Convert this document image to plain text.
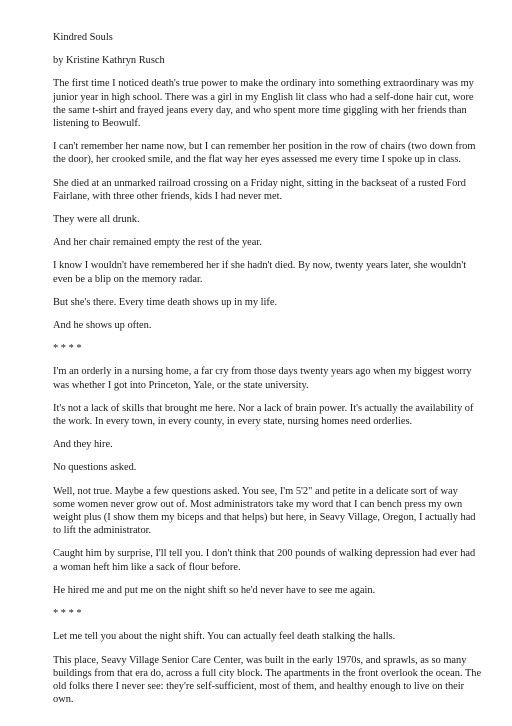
Kindred Souls

by Kristine Kathryn Rusch

The first time I noticed death's true power to make the ordinary into something extraordinary was my junior year in high school. There was a girl in my English lit class who had a self-done hair cut, wore the same t-shirt and frayed jeans every day, and who spent more time giggling with her friends than listening to Beowulf.

I can't remember her name now, but I can remember her position in the row of chairs (two down from the door), her crooked smile, and the flat way her eyes assessed me every time I spoke up in class.

She died at an unmarked railroad crossing on a Friday night, sitting in the backseat of a rusted Ford Fairlane, with three other friends, kids I had never met.

They were all drunk.

And her chair remained empty the rest of the year.

I know I wouldn't have remembered her if she hadn't died. By now, twenty years later, she wouldn't even be a blip on the memory radar.

But she's there. Every time death shows up in my life.

And he shows up often.

* * * *

I'm an orderly in a nursing home, a far cry from those days twenty years ago when my biggest worry was whether I got into Princeton, Yale, or the state university.

It's not a lack of skills that brought me here. Nor a lack of brain power. It's actually the availability of the work. In every town, in every county, in every state, nursing homes need orderlies.

And they hire.

No questions asked.

Well, not true. Maybe a few questions asked. You see, I'm 5'2" and petite in a delicate sort of way some women never grow out of. Most administrators take my word that I can bench press my own weight plus (I show them my biceps and that helps) but here, in Seavy Village, Oregon, I actually had to lift the administrator.

Caught him by surprise, I'll tell you. I don't think that 200 pounds of walking depression had ever had a woman heft him like a sack of flour before.

He hired me and put me on the night shift so he'd never have to see me again.

* * * *

Let me tell you about the night shift. You can actually feel death stalking the halls.

This place, Seavy Village Senior Care Center, was built in the early 1970s, and sprawls, as so many buildings from that era do, across a full city block. The apartments in the front overlook the ocean. The old folks there I never see: they're self-sufficient, most of them, and healthy enough to live on their own.
